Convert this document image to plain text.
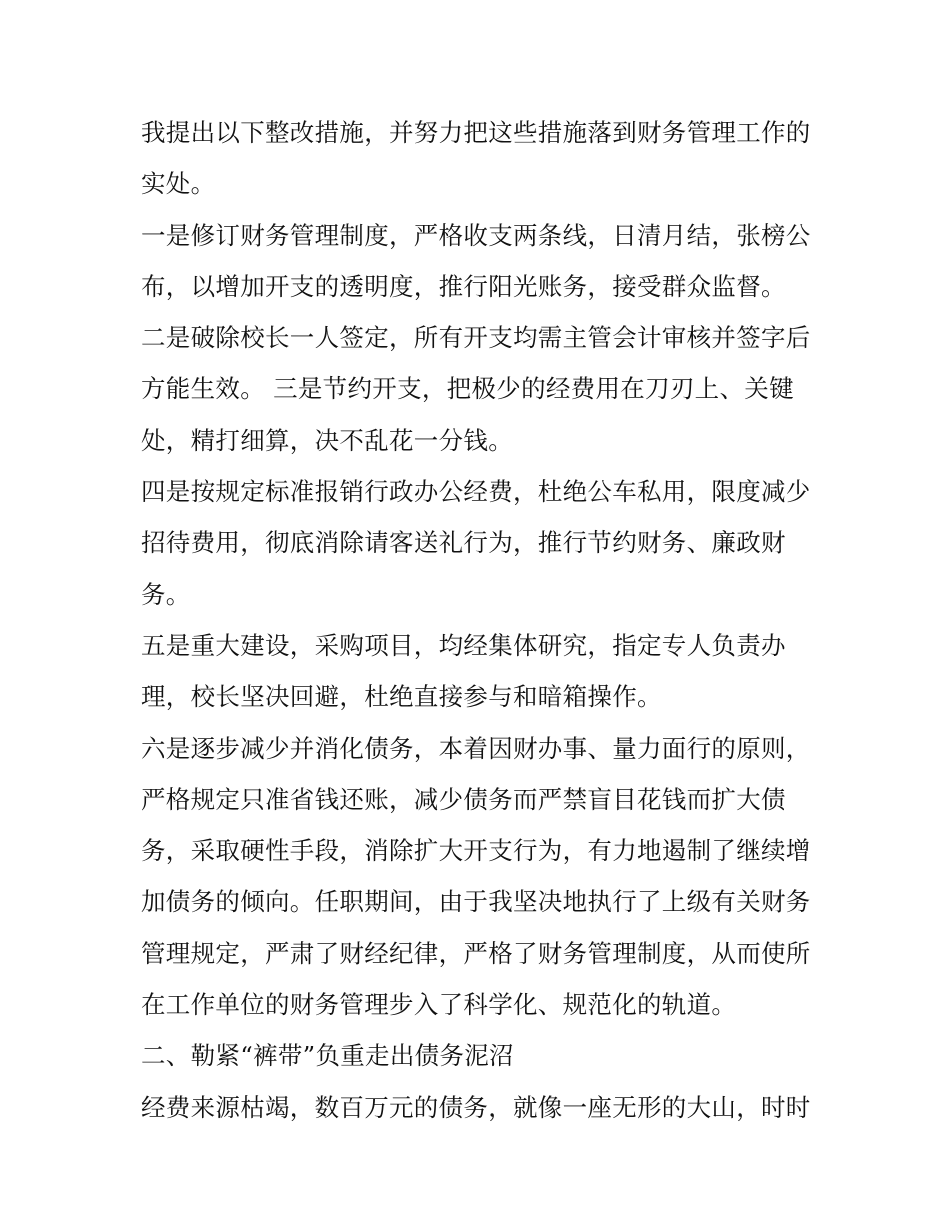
我提出以下整改措施，并努力把这些措施落到财务管理工作的
实处。
一是修订财务管理制度，严格收支两条线，日清月结，张榜公
布，以增加开支的透明度，推行阳光账务，接受群众监督。
二是破除校长一人签定，所有开支均需主管会计审核并签字后
方能生效。 三是节约开支，把极少的经费用在刀刃上、关键
处，精打细算，决不乱花一分钱。
四是按规定标准报销行政办公经费，杜绝公车私用，限度减少
招待费用，彻底消除请客送礼行为，推行节约财务、廉政财
务。
五是重大建设，采购项目，均经集体研究，指定专人负责办
理，校长坚决回避，杜绝直接参与和暗箱操作。
六是逐步减少并消化债务，本着因财办事、量力面行的原则，
严格规定只准省钱还账，减少债务而严禁盲目花钱而扩大债
务，采取硬性手段，消除扩大开支行为，有力地遏制了继续增
加债务的倾向。任职期间，由于我坚决地执行了上级有关财务
管理规定，严肃了财经纪律，严格了财务管理制度，从而使所
在工作单位的财务管理步入了科学化、规范化的轨道。
二、勒紧“裤带”负重走出债务泥沼
经费来源枯竭，数百万元的债务，就像一座无形的大山，时时
